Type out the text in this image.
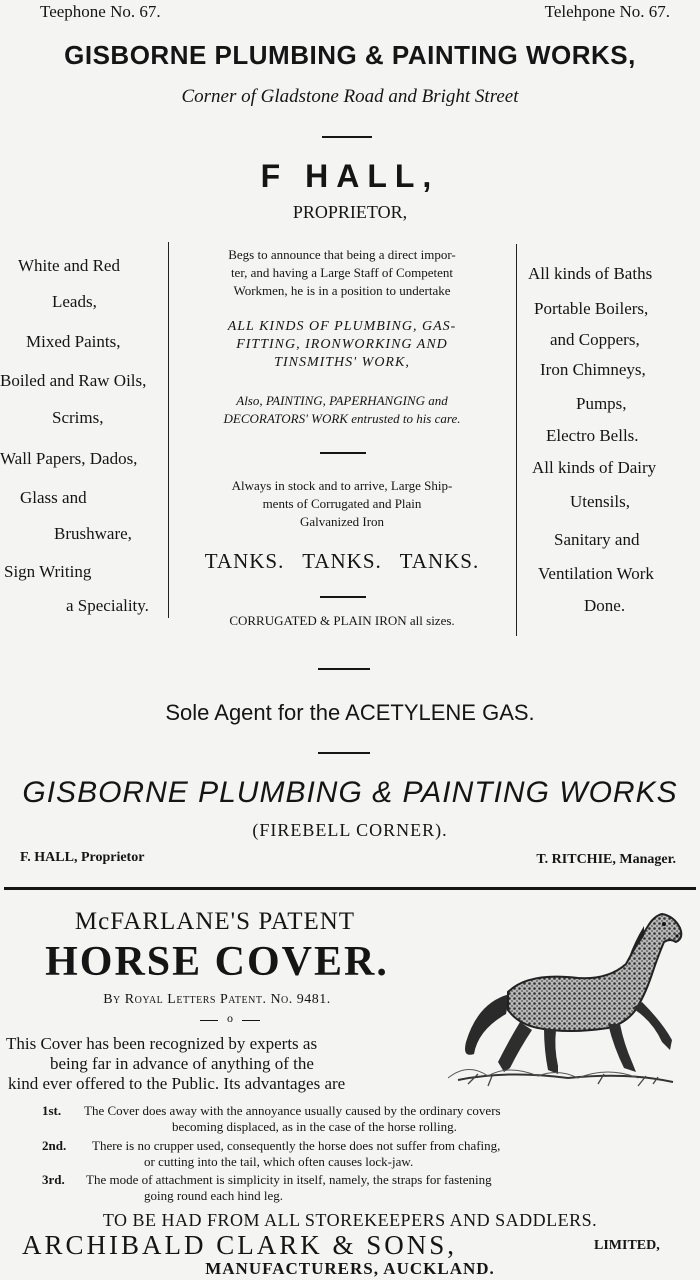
Teephone No. 67.	Telehpone No. 67.
GISBORNE PLUMBING & PAINTING WORKS,
Corner of Gladstone Road and Bright Street
F HALL,
PROPRIETOR,
White and Red
Leads,
Mixed Paints,
Boiled and Raw Oils,
Scrims,
Wall Papers, Dados,
Glass and
Brushware,
Sign Writing
a Speciality.
Begs to announce that being a direct impor-
ter, and having a Large Staff of Competent
Workmen, he is in a position to undertake
ALL KINDS OF PLUMBING, GAS-
FITTING, IRONWORKING AND
TINSMITHS' WORK,
Also, PAINTING, PAPERHANGING and
DECORATORS' WORK entrusted to his care.
Always in stock and to arrive, Large Ship-
ments of Corrugated and Plain
Galvanized Iron
TANKS. TANKS. TANKS.
CORRUGATED & PLAIN IRON all sizes.
All kinds of Baths
Portable Boilers,
and Coppers,
Iron Chimneys,
Pumps,
Electro Bells.
All kinds of Dairy
Utensils,
Sanitary and
Ventilation Work
Done.
Sole Agent for the ACETYLENE GAS.
GISBORNE PLUMBING & PAINTING WORKS
(FIREBELL CORNER).
F. HALL, Proprietor	T. RITCHIE, Manager.
McFARLANE'S PATENT
HORSE COVER.
By Royal Letters Patent. No. 9481.
o
This Cover has been recognized by experts as
being far in advance of anything of the
kind ever offered to the Public. Its advantages are
1st. The Cover does away with the annoyance usually caused by the ordinary covers
becoming displaced, as in the case of the horse rolling.
2nd. There is no crupper used, consequently the horse does not suffer from chafing,
or cutting into the tail, which often causes lock-jaw.
3rd. The mode of attachment is simplicity in itself, namely, the straps for fastening
going round each hind leg.
TO BE HAD FROM ALL STOREKEEPERS AND SADDLERS.
ARCHIBALD CLARK & SONS,	LIMITED,
MANUFACTURERS, AUCKLAND.
